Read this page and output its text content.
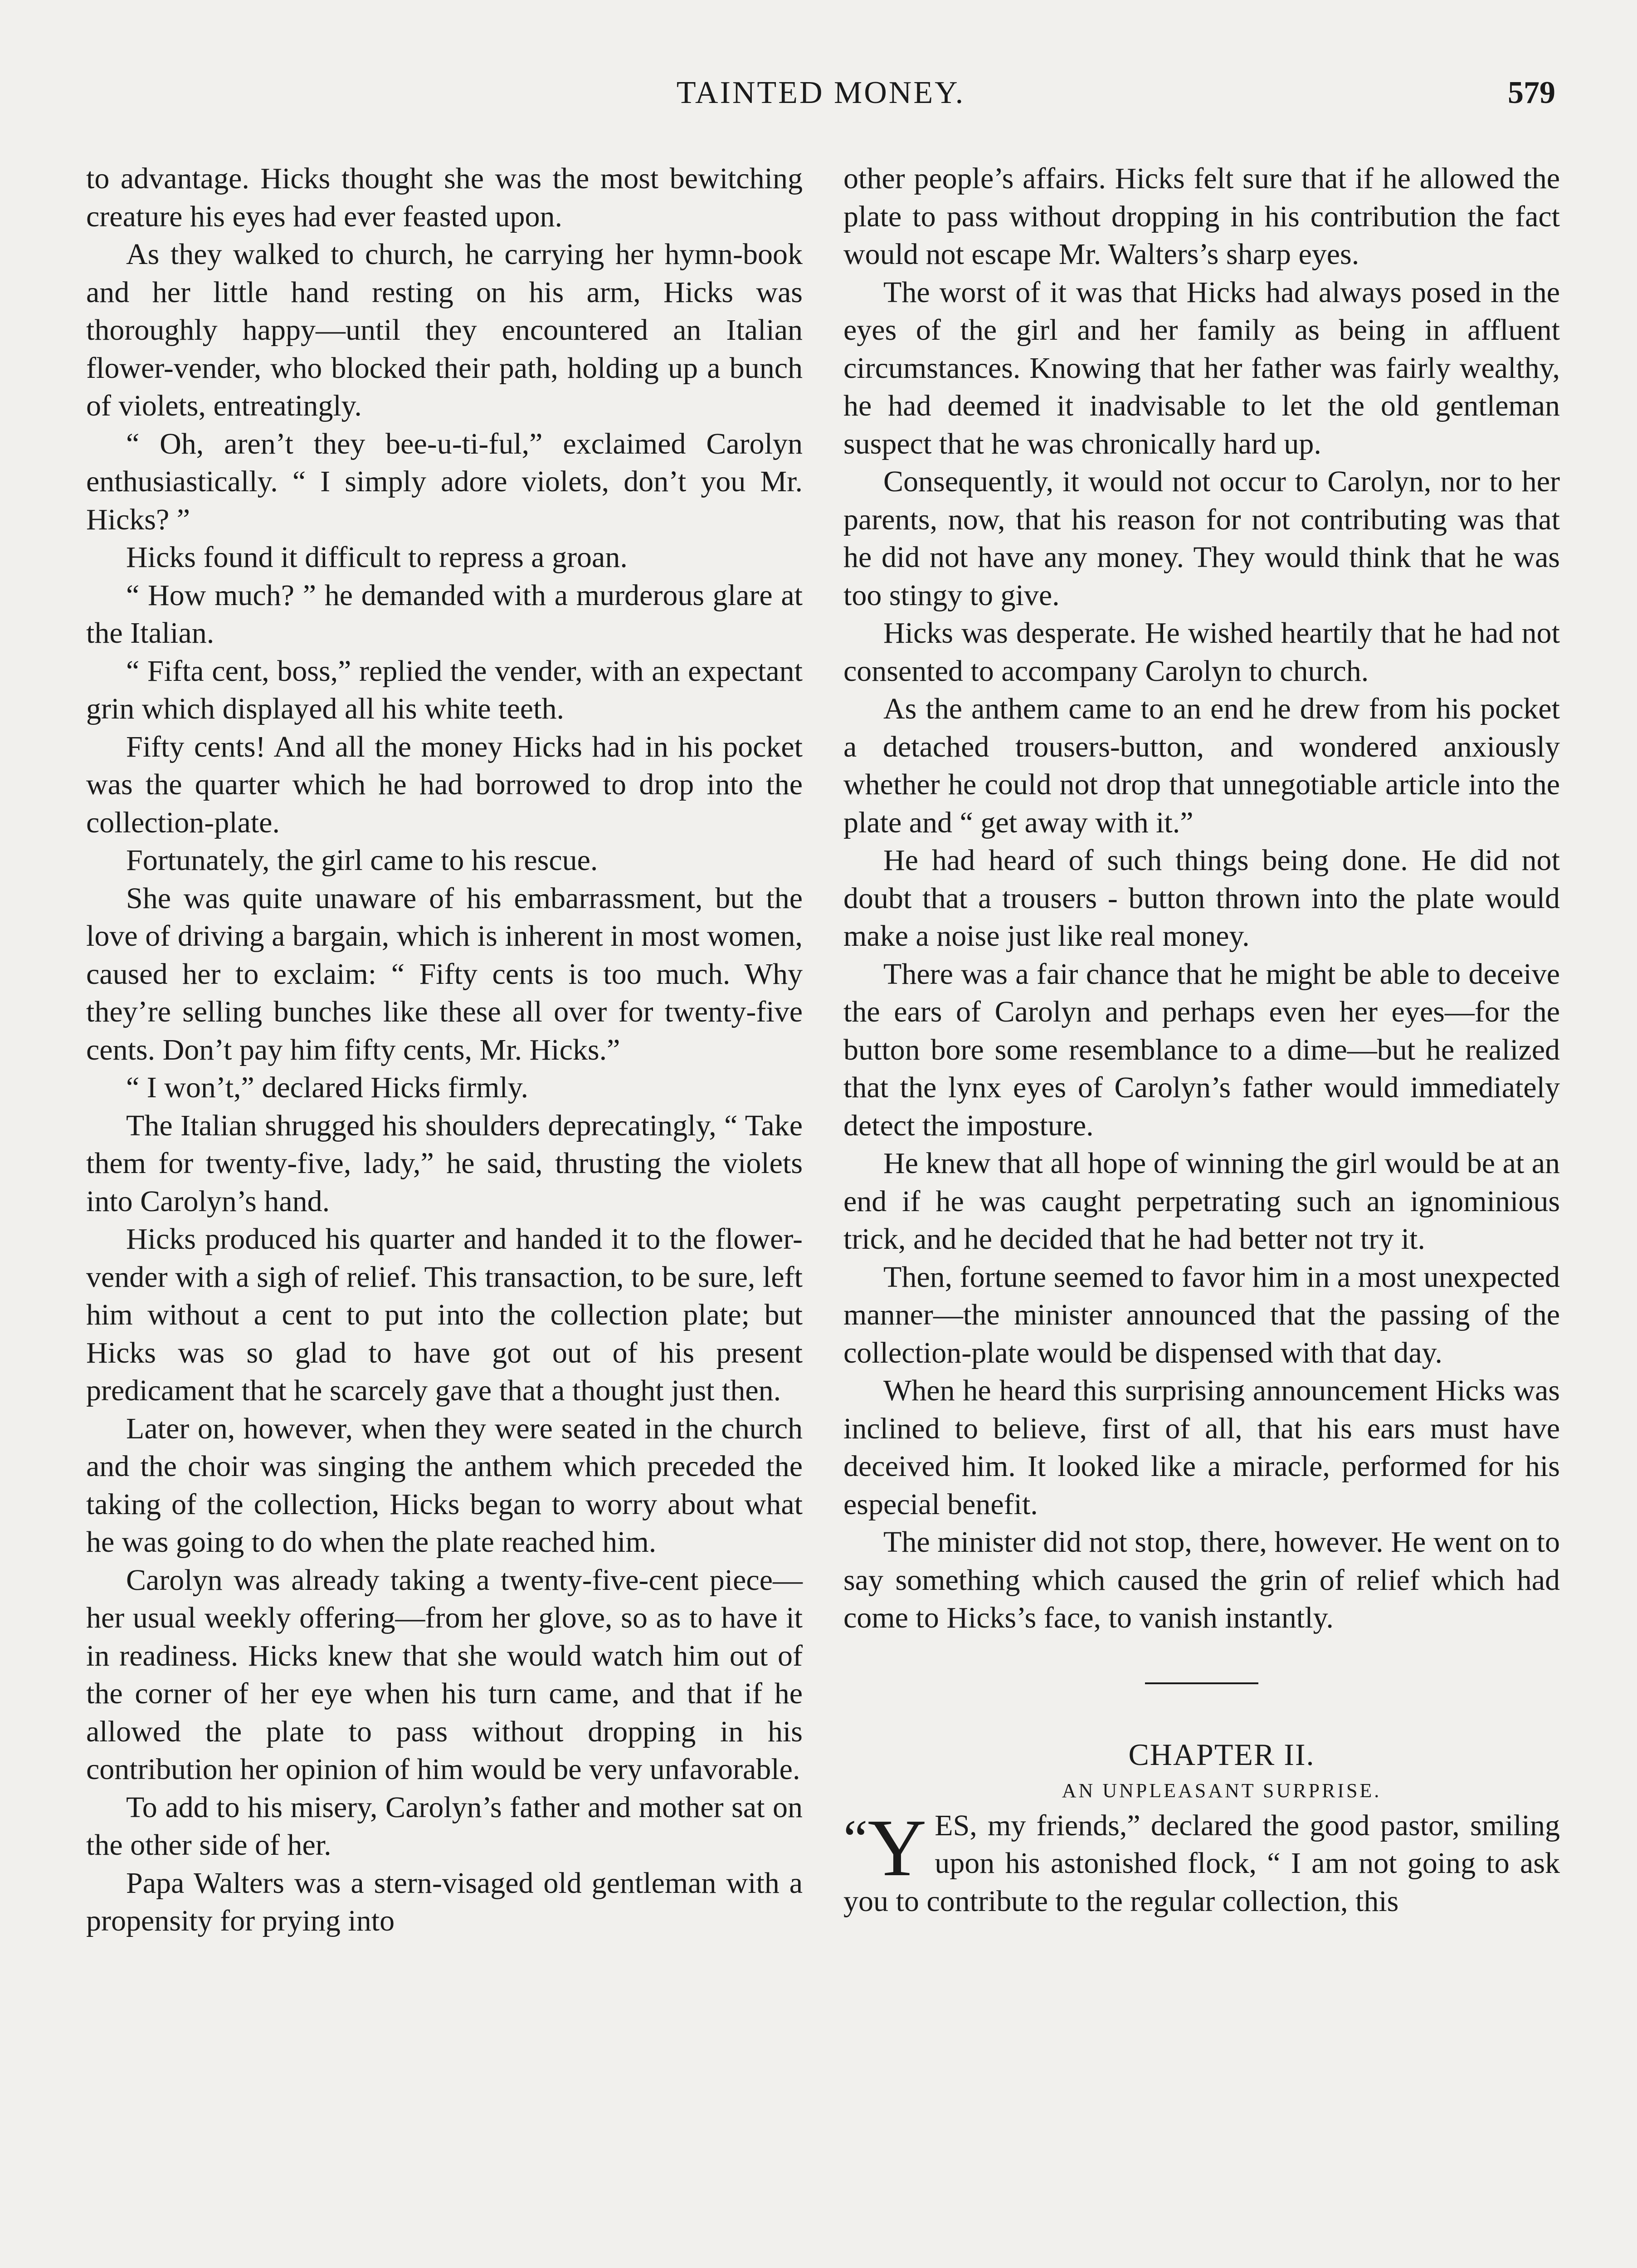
TAINTED MONEY.	579

to advantage. Hicks thought she was the most bewitching creature his eyes had ever feasted upon.

As they walked to church, he carrying her hymn-book and her little hand resting on his arm, Hicks was thoroughly happy—until they encountered an Italian flower-vender, who blocked their path, holding up a bunch of violets, entreatingly.

“ Oh, aren’t they bee-u-ti-ful,” exclaimed Carolyn enthusiastically. “ I simply adore violets, don’t you Mr. Hicks? ”

Hicks found it difficult to repress a groan.

“ How much? ” he demanded with a murderous glare at the Italian.

“ Fifta cent, boss,” replied the vender, with an expectant grin which displayed all his white teeth.

Fifty cents! And all the money Hicks had in his pocket was the quarter which he had borrowed to drop into the collection-plate.

Fortunately, the girl came to his rescue.

She was quite unaware of his embarrassment, but the love of driving a bargain, which is inherent in most women, caused her to exclaim: “ Fifty cents is too much. Why they’re selling bunches like these all over for twenty-five cents. Don’t pay him fifty cents, Mr. Hicks.”

“ I won’t,” declared Hicks firmly.

The Italian shrugged his shoulders deprecatingly, “ Take them for twenty-five, lady,” he said, thrusting the violets into Carolyn’s hand.

Hicks produced his quarter and handed it to the flower-vender with a sigh of relief. This transaction, to be sure, left him without a cent to put into the collection plate; but Hicks was so glad to have got out of his present predicament that he scarcely gave that a thought just then.

Later on, however, when they were seated in the church and the choir was singing the anthem which preceded the taking of the collection, Hicks began to worry about what he was going to do when the plate reached him.

Carolyn was already taking a twenty-five-cent piece—her usual weekly offering—from her glove, so as to have it in readiness. Hicks knew that she would watch him out of the corner of her eye when his turn came, and that if he allowed the plate to pass without dropping in his contribution her opinion of him would be very unfavorable.

To add to his misery, Carolyn’s father and mother sat on the other side of her.

Papa Walters was a stern-visaged old gentleman with a propensity for prying into

other people’s affairs. Hicks felt sure that if he allowed the plate to pass without dropping in his contribution the fact would not escape Mr. Walters’s sharp eyes.

The worst of it was that Hicks had always posed in the eyes of the girl and her family as being in affluent circumstances. Knowing that her father was fairly wealthy, he had deemed it inadvisable to let the old gentleman suspect that he was chronically hard up.

Consequently, it would not occur to Carolyn, nor to her parents, now, that his reason for not contributing was that he did not have any money. They would think that he was too stingy to give.

Hicks was desperate. He wished heartily that he had not consented to accompany Carolyn to church.

As the anthem came to an end he drew from his pocket a detached trousers-button, and wondered anxiously whether he could not drop that unnegotiable article into the plate and “ get away with it.”

He had heard of such things being done. He did not doubt that a trousers - button thrown into the plate would make a noise just like real money.

There was a fair chance that he might be able to deceive the ears of Carolyn and perhaps even her eyes—for the button bore some resemblance to a dime—but he realized that the lynx eyes of Carolyn’s father would immediately detect the imposture.

He knew that all hope of winning the girl would be at an end if he was caught perpetrating such an ignominious trick, and he decided that he had better not try it.

Then, fortune seemed to favor him in a most unexpected manner—the minister announced that the passing of the collection-plate would be dispensed with that day.

When he heard this surprising announcement Hicks was inclined to believe, first of all, that his ears must have deceived him. It looked like a miracle, performed for his especial benefit.

The minister did not stop, there, however. He went on to say something which caused the grin of relief which had come to Hicks’s face, to vanish instantly.

CHAPTER II.

AN UNPLEASANT SURPRISE.

“Y ES, my friends,” declared the good pastor, smiling upon his astonished flock, “ I am not going to ask you to contribute to the regular collection, this
